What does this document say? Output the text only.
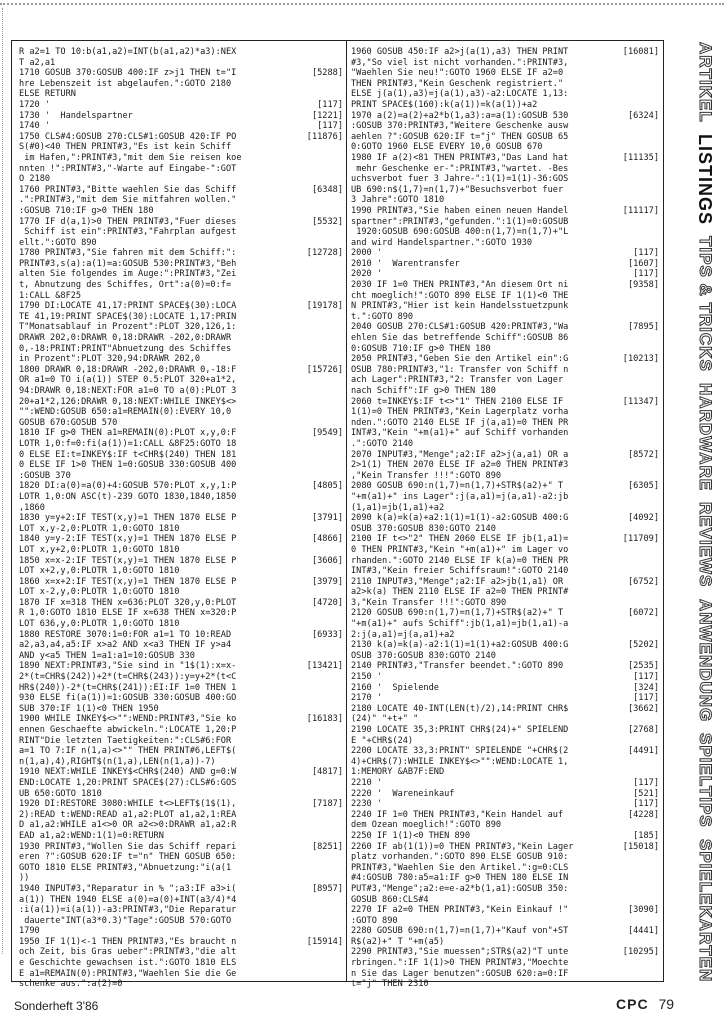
R a2=1 TO 10:b(a1,a2)=INT(b(a1,a2)*a3):NEX
T a2,a1
[5288]
1710 GOSUB 370:GOSUB 400:IF z>j1 THEN t="I
hre Lebenszeit ist abgelaufen.":GOTO 2180
ELSE RETURN
[117]
1720 '
[1221]
1730 '  Handelspartner
[117]
1740 '
[11876]
1750 CLS#4:GOSUB 270:CLS#1:GOSUB 420:IF PO
S(#0)<40 THEN PRINT#3,"Es ist kein Schiff
im Hafen,":PRINT#3,"mit dem Sie reisen koe
nnten !":PRINT#3,"-Warte auf Eingabe-":GOT
O 2180
[6348]
1760 PRINT#3,"Bitte waehlen Sie das Schiff
.":PRINT#3,"mit dem Sie mitfahren wollen."
:GOSUB 710:IF g>0 THEN 180
[5532]
1770 IF d(a,1)>0 THEN PRINT#3,"Fuer dieses
Schiff ist ein":PRINT#3,"Fahrplan aufgest
ellt.":GOTO 890
[12728]
1780 PRINT#3,"Sie fahren mit dem Schiff:":
PRINT#3,s(a):a(1)=a:GOSUB 530:PRINT#3,"Beh
alten Sie folgendes im Auge:":PRINT#3,"Zei
t, Abnutzung des Schiffes, Ort":a(0)=0:f=
1:CALL &8F25
[19178]
1790 DI:LOCATE 41,17:PRINT SPACE$(30):LOCA
TE 41,19:PRINT SPACE$(30):LOCATE 1,17:PRIN
T"Monatsablauf in Prozent":PLOT 320,126,1:
DRAWR 202,0:DRAWR 0,18:DRAWR -202,0:DRAWR
0,-18:PRINT:PRINT"Abnuetzung des Schiffes
in Prozent":PLOT 320,94:DRAWR 202,0
[15726]
1800 DRAWR 0,18:DRAWR -202,0:DRAWR 0,-18:F
OR a1=0 TO i(a(1)) STEP 0.5:PLOT 320+a1*2,
94:DRAWR 0,18:NEXT:FOR a1=0 TO a(0):PLOT 3
20+a1*2,126:DRAWR 0,18:NEXT:WHILE INKEY$<>
"":WEND:GOSUB 650:a1=REMAIN(0):EVERY 10,0
GOSUB 670:GOSUB 570
[9549]
1810 IF g>0 THEN a1=REMAIN(0):PLOT x,y,0:F
LOTR 1,0:f=0:fi(a(1))=1:CALL &8F25:GOTO 18
0 ELSE EI:t=INKEY$:IF t<CHR$(240) THEN 181
0 ELSE IF 1>0 THEN 1=0:GOSUB 330:GOSUB 400
:GOSUB 370
[4805]
1820 DI:a(0)=a(0)+4:GOSUB 570:PLOT x,y,1:P
LOTR 1,0:ON ASC(t)-239 GOTO 1830,1840,1850
,1860
[3791]
1830 y=y+2:IF TEST(x,y)=1 THEN 1870 ELSE P
LOT x,y-2,0:PLOTR 1,0:GOTO 1810
[4866]
1840 y=y-2:IF TEST(x,y)=1 THEN 1870 ELSE P
LOT x,y+2,0:PLOTR 1,0:GOTO 1810
[3606]
1850 x=x-2:IF TEST(x,y)=1 THEN 1870 ELSE P
LOT x+2,y,0:PLOTR 1,0:GOTO 1810
[3979]
1860 x=x+2:IF TEST(x,y)=1 THEN 1870 ELSE P
LOT x-2,y,0:PLOTR 1,0:GOTO 1810
[4720]
1870 IF x=318 THEN x=636:PLOT 320,y,0:PLOT
R 1,0:GOTO 1810 ELSE IF x=638 THEN x=320:P
LOT 636,y,0:PLOTR 1,0:GOTO 1810
[6933]
1880 RESTORE 3070:1=0:FOR a1=1 TO 10:READ
a2,a3,a4,a5:IF x>a2 AND x<a3 THEN IF y>a4
AND y<a5 THEN 1=a1:a1=10:GOSUB 330
[13421]
1890 NEXT:PRINT#3,"Sie sind in "1$(1):x=x-
2*(t=CHR$(242))+2*(t=CHR$(243)):y=y+2*(t<C
HR$(240))-2*(t=CHR$(241)):EI:IF 1=0 THEN 1
930 ELSE fi(a(1))=1:GOSUB 330:GOSUB 400:GO
SUB 370:IF 1(1)<0 THEN 1950
[16183]
1900 WHILE INKEY$<>"":WEND:PRINT#3,"Sie ko
ennen Geschaefte abwickeln.":LOCATE 1,20:P
RINT"Die letzten Taetigkeiten:":CLS#6:FOR
a=1 TO 7:IF n(1,a)<>"" THEN PRINT#6,LEFT$(
n(1,a),4),RIGHT$(n(1,a),LEN(n(1,a))-7)
[4817]
1910 NEXT:WHILE INKEY$<CHR$(240) AND g=0:W
END:LOCATE 1,20:PRINT SPACE$(27):CLS#6:GOS
UB 650:GOTO 1810
[7187]
1920 DI:RESTORE 3080:WHILE t<>LEFT$(1$(1),
2):READ t:WEND:READ a1,a2:PLOT a1,a2,1:REA
D a1,a2:WHILE a1<>0 OR a2<>0:DRAWR a1,a2:R
EAD a1,a2:WEND:1(1)=0:RETURN
[8251]
1930 PRINT#3,"Wollen Sie das Schiff repari
eren ?":GOSUB 620:IF t="n" THEN GOSUB 650:
GOTO 1810 ELSE PRINT#3,"Abnuetzung:"i(a(1
))
[8957]
1940 INPUT#3,"Reparatur in % ";a3:IF a3>i(
a(1)) THEN 1940 ELSE a(0)=a(0)+INT(a3/4)*4
:i(a(1))=i(a(1))-a3:PRINT#3,"Die Reparatur
dauerte"INT(a3*0.3)"Tage":GOSUB 570:GOTO
1790
[15914]
1950 IF 1(1)<-1 THEN PRINT#3,"Es braucht n
och Zeit, bis Gras ueber":PRINT#3,"die alt
e Geschichte gewachsen ist.":GOTO 1810 ELS
E a1=REMAIN(0):PRINT#3,"Waehlen Sie die Ge
schenke aus.":a(2)=0
[16081]
1960 GOSUB 450:IF a2>j(a(1),a3) THEN PRINT
#3,"So viel ist nicht vorhanden.":PRINT#3,
"Waehlen Sie neu!":GOTO 1960 ELSE IF a2=0
THEN PRINT#3,"Kein Geschenk registriert."
ELSE j(a(1),a3)=j(a(1),a3)-a2:LOCATE 1,13:
PRINT SPACE$(160):k(a(1))=k(a(1))+a2
[6324]
1970 a(2)=a(2)+a2*b(1,a3):a=a(1):GOSUB 530
:GOSUB 370:PRINT#3,"Weitere Geschenke ausw
aehlen ?":GOSUB 620:IF t="j" THEN GOSUB 65
0:GOTO 1960 ELSE EVERY 10,0 GOSUB 670
[11135]
1980 IF a(2)<81 THEN PRINT#3,"Das Land hat
mehr Geschenke er-":PRINT#3,"wartet. -Bes
uchsverbot fuer 3 Jahre-":1(1)=1(1)-36:GOS
UB 690:n$(1,7)=n(1,7)+"Besuchsverbot fuer
3 Jahre":GOTO 1810
[11117]
1990 PRINT#3,"Sie haben einen neuen Handel
spartner":PRINT#3,"gefunden.":1(1)=0:GOSUB
1920:GOSUB 690:GOSUB 400:n(1,7)=n(1,7)+"L
and wird Handelspartner.":GOTO 1930
[117]
2000 '
[1607]
2010 '  Warentransfer
[117]
2020 '
[9358]
2030 IF 1=0 THEN PRINT#3,"An diesem Ort ni
cht moeglich!":GOTO 890 ELSE IF 1(1)<0 THE
N PRINT#3,"Hier ist kein Handelsstuetzpunk
t.":GOTO 890
[7895]
2040 GOSUB 270:CLS#1:GOSUB 420:PRINT#3,"Wa
ehlen Sie das betreffende Schiff":GOSUB 86
0:GOSUB 710:IF g>0 THEN 180
[10213]
2050 PRINT#3,"Geben Sie den Artikel ein":G
OSUB 780:PRINT#3,"1: Transfer von Schiff n
ach Lager":PRINT#3,"2: Transfer von Lager
nach Schiff":IF g>0 THEN 180
[11347]
2060 t=INKEY$:IF t<>"1" THEN 2100 ELSE IF
1(1)=0 THEN PRINT#3,"Kein Lagerplatz vorha
nden.":GOTO 2140 ELSE IF j(a,a1)=0 THEN PR
INT#3,"Kein "+m(a1)+" auf Schiff vorhanden
.":GOTO 2140
[8572]
2070 INPUT#3,"Menge";a2:IF a2>j(a,a1) OR a
2>1(1) THEN 2070 ELSE IF a2=0 THEN PRINT#3
,"Kein Transfer !!!":GOTO 890
[6305]
2080 GOSUB 690:n(1,7)=n(1,7)+STR$(a2)+" T
"+m(a1)+" ins Lager":j(a,a1)=j(a,a1)-a2:jb
(1,a1)=jb(1,a1)+a2
[4092]
2090 k(a)=k(a)+a2:1(1)=1(1)-a2:GOSUB 400:G
OSUB 370:GOSUB 830:GOTO 2140
[11709]
2100 IF t<>"2" THEN 2060 ELSE IF jb(1,a1)=
0 THEN PRINT#3,"Kein "+m(a1)+" im Lager vo
rhanden.":GOTO 2140 ELSE IF k(a)=0 THEN PR
INT#3,"Kein freier Schiffsraum!":GOTO 2140
[6752]
2110 INPUT#3,"Menge";a2:IF a2>jb(1,a1) OR
a2>k(a) THEN 2110 ELSE IF a2=0 THEN PRINT#
3,"Kein Transfer !!!":GOTO 890
[6072]
2120 GOSUB 690:n(1,7)=n(1,7)+STR$(a2)+" T
"+m(a1)+" aufs Schiff":jb(1,a1)=jb(1,a1)-a
2:j(a,a1)=j(a,a1)+a2
[5202]
2130 k(a)=k(a)-a2:1(1)=1(1)+a2:GOSUB 400:G
OSUB 370:GOSUB 830:GOTO 2140
[2535]
2140 PRINT#3,"Transfer beendet.":GOTO 890
[117]
2150 '
[324]
2160 '  Spielende
[117]
2170 '
[3662]
2180 LOCATE 40-INT(LEN(t)/2),14:PRINT CHR$
(24)" "+t+" "
[2768]
2190 LOCATE 35,3:PRINT CHR$(24)+" SPIELEND
E "+CHR$(24)
[4491]
2200 LOCATE 33,3:PRINT" SPIELENDE "+CHR$(2
4)+CHR$(7):WHILE INKEY$<>"":WEND:LOCATE 1,
1:MEMORY &AB7F:END
[117]
2210 '
[521]
2220 '  Wareneinkauf
[117]
2230 '
[4228]
2240 IF 1=0 THEN PRINT#3,"Kein Handel auf
dem Ozean moeglich!":GOTO 890
[185]
2250 IF 1(1)<0 THEN 890
[15018]
2260 IF ab(1(1))=0 THEN PRINT#3,"Kein Lager
platz vorhanden.":GOTO 890 ELSE GOSUB 910:
PRINT#3,"Waehlen Sie den Artikel.":g=0:CLS
#4:GOSUB 780:a5=a1:IF g>0 THEN 180 ELSE IN
PUT#3,"Menge";a2:e=e-a2*b(1,a1):GOSUB 350:
GOSUB 860:CLS#4
[3090]
2270 IF a2=0 THEN PRINT#3,"Kein Einkauf !"
:GOTO 890
[4441]
2280 GOSUB 690:n(1,7)=n(1,7)+"Kauf von"+ST
R$(a2)+" T "+m(a5)
[10295]
2290 PRINT#3,"Sie muessen";STR$(a2)"T unte
rbringen.":IF 1(1)>0 THEN PRINT#3,"Moechte
n Sie das Lager benutzen":GOSUB 620:a=0:IF
t="j" THEN 2310
ARTIKEL
LISTINGS
TIPS & TRICKS
HARDWARE
REVIEWS
ANWENDUNG
SPIELTIPS
SPIELEKARTEN
Sonderheft 3'86	CPC 79
